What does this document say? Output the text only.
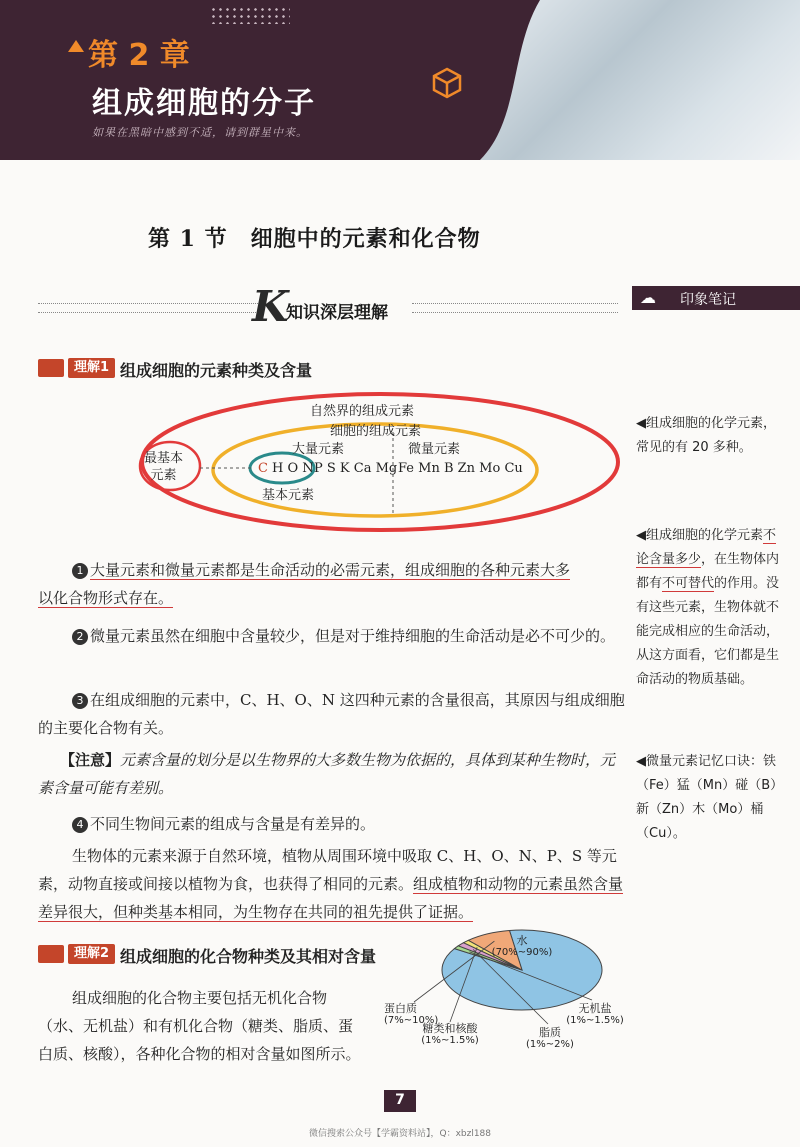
第 2 章
组成细胞的分子
如果在黑暗中感到不适，请到群星中来。
第 1 节　细胞中的元素和化合物
K
知识深层理解
☁ 印象笔记
理解1 组成细胞的元素种类及含量
自然界的组成元素
细胞的组成元素
大量元素	微量元素
最基本
元素	C H O N P S K Ca Mg Fe Mn B Zn Mo Cu
基本元素
1 大量元素和微量元素都是生命活动的必需元素，组成细胞的各种元素大多
以化合物形式存在。
2 微量元素虽然在细胞中含量较少，但是对于维持细胞的生命活动是必不可少的。
3 在组成细胞的元素中，C、H、O、N 这四种元素的含量很高，其原因与组成细胞的主要化合物有关。
【注意】元素含量的划分是以生物界的大多数生物为依据的，具体到某种生物时，元素含量可能有差别。
4 不同生物间元素的组成与含量是有差异的。
生物体的元素来源于自然环境，植物从周围环境中吸取 C、H、O、N、P、S 等元素，动物直接或间接以植物为食，也获得了相同的元素。组成植物和动物的元素虽然含量差异很大，但种类基本相同，为生物存在共同的祖先提供了证据。
理解2 组成细胞的化合物种类及其相对含量
组成细胞的化合物主要包括无机化合物（水、无机盐）和有机化合物（糖类、脂质、蛋白质、核酸），各种化合物的相对含量如图所示。
水
(70%~90%)
蛋白质
(7%~10%)
糖类和核酸
(1%~1.5%)
脂质
(1%~2%)
无机盐
(1%~1.5%)
◀组成细胞的化学元素，常见的有 20 多种。
◀组成细胞的化学元素不论含量多少，在生物体内都有不可替代的作用。没有这些元素，生物体就不能完成相应的生命活动，从这方面看，它们都是生命活动的物质基础。
◀微量元素记忆口诀：铁（Fe）猛（Mn）碰（B）新（Zn）木（Mo）桶（Cu）。
7
微信搜索公众号【学霸资料站】，Q：xbzl188
